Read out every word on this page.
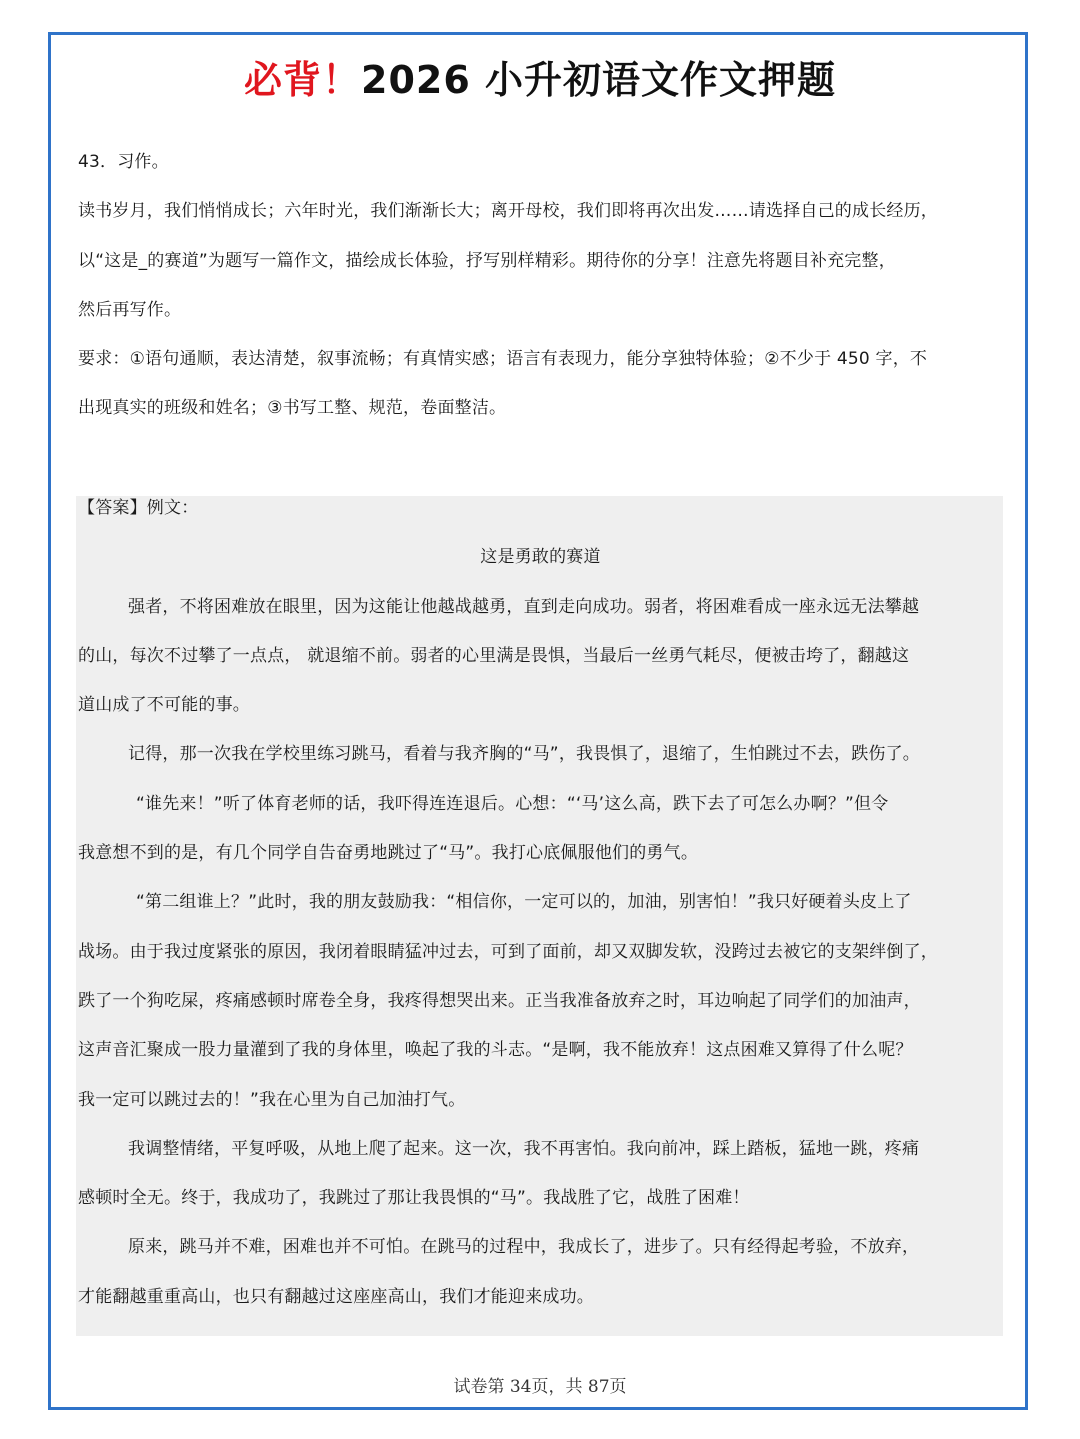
必背！2026 小升初语文作文押题
43．习作。
读书岁月，我们悄悄成长；六年时光，我们渐渐长大；离开母校，我们即将再次出发……请选择自己的成长经历，
以“这是_的赛道”为题写一篇作文，描绘成长体验，抒写别样精彩。期待你的分享！注意先将题目补充完整，
然后再写作。
要求：①语句通顺，表达清楚，叙事流畅；有真情实感；语言有表现力，能分享独特体验；②不少于 450 字，不
出现真实的班级和姓名；③书写工整、规范，卷面整洁。
【答案】例文：
这是勇敢的赛道
强者，不将困难放在眼里，因为这能让他越战越勇，直到走向成功。弱者，将困难看成一座永远无法攀越
的山，每次不过攀了一点点， 就退缩不前。弱者的心里满是畏惧，当最后一丝勇气耗尽，便被击垮了，翻越这
道山成了不可能的事。
记得，那一次我在学校里练习跳马，看着与我齐胸的“马”，我畏惧了，退缩了，生怕跳过不去，跌伤了。
“谁先来！”听了体育老师的话，我吓得连连退后。心想：“‘马’这么高，跌下去了可怎么办啊？”但令
我意想不到的是，有几个同学自告奋勇地跳过了“马”。我打心底佩服他们的勇气。
“第二组谁上？”此时，我的朋友鼓励我：“相信你，一定可以的，加油，别害怕！”我只好硬着头皮上了
战场。由于我过度紧张的原因，我闭着眼睛猛冲过去，可到了面前，却又双脚发软，没跨过去被它的支架绊倒了，
跌了一个狗吃屎，疼痛感顿时席卷全身，我疼得想哭出来。正当我准备放弃之时，耳边响起了同学们的加油声，
这声音汇聚成一股力量灌到了我的身体里，唤起了我的斗志。“是啊，我不能放弃！这点困难又算得了什么呢？
我一定可以跳过去的！”我在心里为自己加油打气。
我调整情绪，平复呼吸，从地上爬了起来。这一次，我不再害怕。我向前冲，踩上踏板，猛地一跳，疼痛
感顿时全无。终于，我成功了，我跳过了那让我畏惧的“马”。我战胜了它，战胜了困难！
原来，跳马并不难，困难也并不可怕。在跳马的过程中，我成长了，进步了。只有经得起考验，不放弃，
才能翻越重重高山，也只有翻越过这座座高山，我们才能迎来成功。
试卷第 34页，共 87页
